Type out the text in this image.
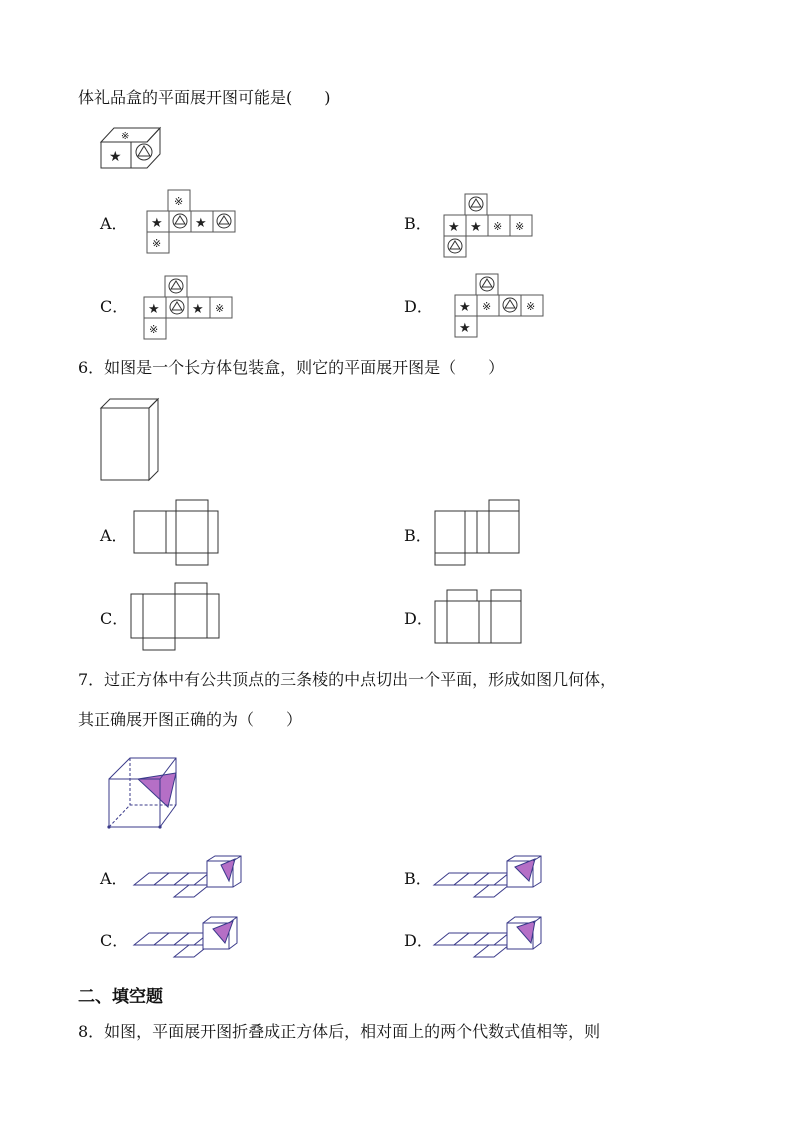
体礼品盒的平面展开图可能是(　　)
★
※
A．
※
★ ★
※
B． ★ ★ ※ ※
C． ★ ★ ※
※
D． ★ ※	※
★
6．如图是一个长方体包装盒，则它的平面展开图是（　　）
A．	B．
C．	D．
7．过正方体中有公共顶点的三条棱的中点切出一个平面，形成如图几何体，
其正确展开图正确的为（　　）
A．	B．
C．	D．
二、填空题
8．如图，平面展开图折叠成正方体后，相对面上的两个代数式值相等，则
